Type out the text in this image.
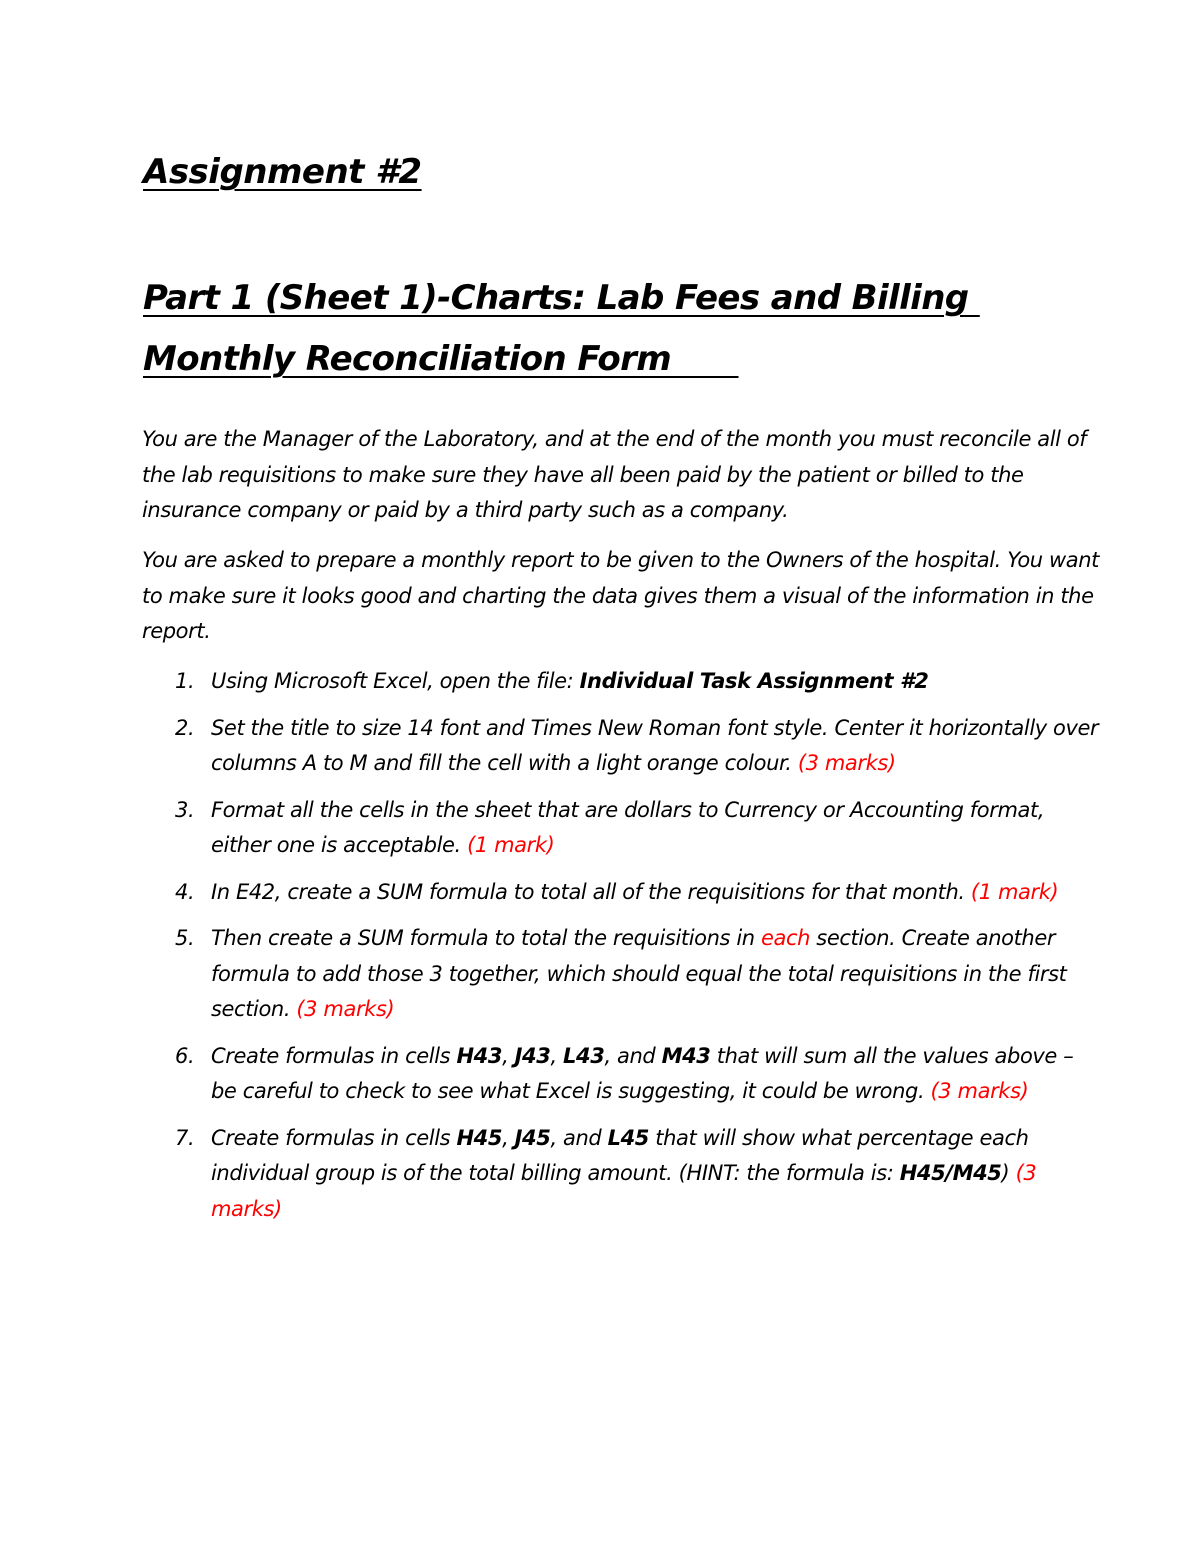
Assignment #2
Part 1 (Sheet 1)-Charts: Lab Fees and Billing
Monthly Reconciliation Form
You are the Manager of the Laboratory, and at the end of the month you must reconcile all of the lab requisitions to make sure they have all been paid by the patient or billed to the insurance company or paid by a third party such as a company.
You are asked to prepare a monthly report to be given to the Owners of the hospital. You want to make sure it looks good and charting the data gives them a visual of the information in the report.
1. Using Microsoft Excel, open the file: Individual Task Assignment #2
2. Set the title to size 14 font and Times New Roman font style. Center it horizontally over columns A to M and fill the cell with a light orange colour. (3 marks)
3. Format all the cells in the sheet that are dollars to Currency or Accounting format, either one is acceptable. (1 mark)
4. In E42, create a SUM formula to total all of the requisitions for that month. (1 mark)
5. Then create a SUM formula to total the requisitions in each section. Create another formula to add those 3 together, which should equal the total requisitions in the first section. (3 marks)
6. Create formulas in cells H43, J43, L43, and M43 that will sum all the values above – be careful to check to see what Excel is suggesting, it could be wrong. (3 marks)
7. Create formulas in cells H45, J45, and L45 that will show what percentage each individual group is of the total billing amount. (HINT: the formula is: H45/M45) (3 marks)
